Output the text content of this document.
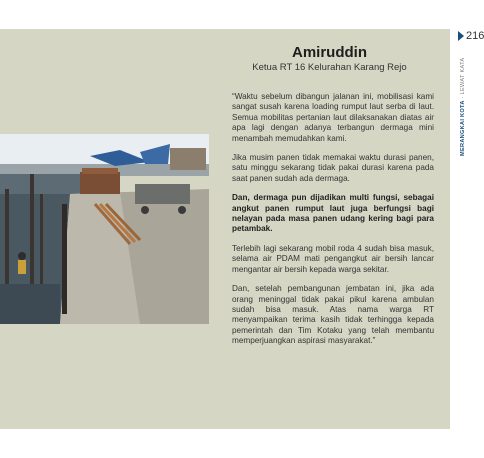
216
MERANGKAI KOTA · LEWAT KATA
Amiruddin
Ketua RT 16 Kelurahan Karang Rejo

“Waktu sebelum dibangun jalanan ini, mobilisasi kami sangat susah karena loading rumput laut serba di laut. Semua mobilitas pertanian laut dilaksanakan diatas air apa lagi dengan adanya terbangun dermaga mini menambah memudahkan kami.

Jika musim panen tidak memakai waktu durasi panen, satu minggu sekarang tidak pakai durasi karena pada saat panen sudah ada dermaga.

Dan, dermaga pun dijadikan multi fungsi, sebagai angkut panen rumput laut juga berfungsi bagi nelayan pada masa panen udang kering bagi para petambak.

Terlebih lagi sekarang mobil roda 4 sudah bisa masuk, selama air PDAM mati pengangkut air bersih lancar mengantar air bersih kepada warga sekitar.

Dan, setelah pembangunan jembatan ini, jika ada orang meninggal tidak pakai pikul karena ambulan sudah bisa masuk. Atas nama warga RT menyampaikan terima kasih tidak terhingga kepada pemerintah dan Tim Kotaku yang telah membantu memperjuangkan aspirasi masyarakat.”
